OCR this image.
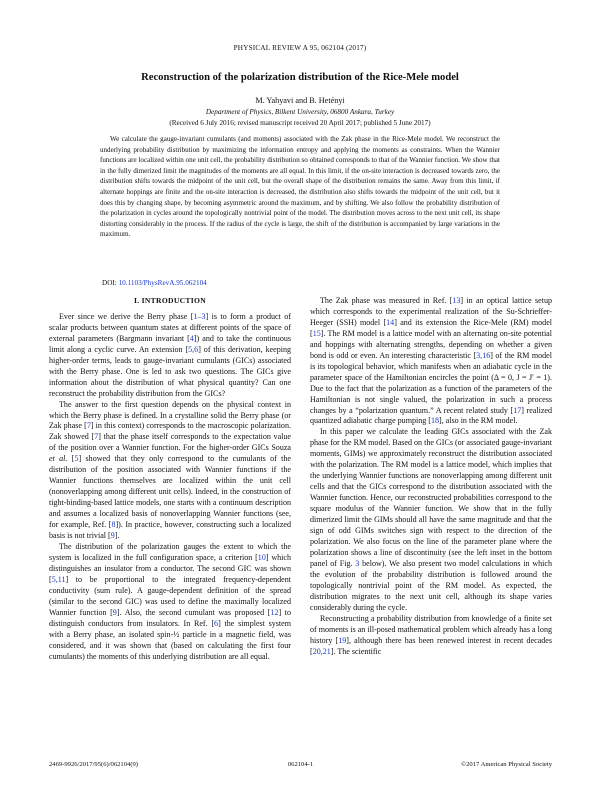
PHYSICAL REVIEW A 95, 062104 (2017)
Reconstruction of the polarization distribution of the Rice-Mele model
M. Yahyavi and B. Hetényi
Department of Physics, Bilkent University, 06800 Ankara, Turkey
(Received 6 July 2016; revised manuscript received 20 April 2017; published 5 June 2017)
We calculate the gauge-invariant cumulants (and moments) associated with the Zak phase in the Rice-Mele model. We reconstruct the underlying probability distribution by maximizing the information entropy and applying the moments as constraints. When the Wannier functions are localized within one unit cell, the probability distribution so obtained corresponds to that of the Wannier function. We show that in the fully dimerized limit the magnitudes of the moments are all equal. In this limit, if the on-site interaction is decreased towards zero, the distribution shifts towards the midpoint of the unit cell, but the overall shape of the distribution remains the same. Away from this limit, if alternate hoppings are finite and the on-site interaction is decreased, the distribution also shifts towards the midpoint of the unit cell, but it does this by changing shape, by becoming asymmetric around the maximum, and by shifting. We also follow the probability distribution of the polarization in cycles around the topologically nontrivial point of the model. The distribution moves across to the next unit cell, its shape distorting considerably in the process. If the radius of the cycle is large, the shift of the distribution is accompanied by large variations in the maximum.
DOI: 10.1103/PhysRevA.95.062104
I. INTRODUCTION

Ever since we derive the Berry phase [1–3] is to form a product of scalar products between quantum states at different points of the space of external parameters (Bargmann invariant [4]) and to take the continuous limit along a cyclic curve. An extension [5,6] of this derivation, keeping higher-order terms, leads to gauge-invariant cumulants (GICs) associated with the Berry phase. One is led to ask two questions. The GICs give information about the distribution of what physical quantity? Can one reconstruct the probability distribution from the GICs?

The answer to the first question depends on the physical context in which the Berry phase is defined. In a crystalline solid the Berry phase (or Zak phase [7] in this context) corresponds to the macroscopic polarization. Zak showed [7] that the phase itself corresponds to the expectation value of the position over a Wannier function. For the higher-order GICs Souza et al. [5] showed that they only correspond to the cumulants of the distribution of the position associated with Wannier functions if the Wannier functions themselves are localized within the unit cell (nonoverlapping among different unit cells). Indeed, in the construction of tight-binding-based lattice models, one starts with a continuum description and assumes a localized basis of nonoverlapping Wannier functions (see, for example, Ref. [8]). In practice, however, constructing such a localized basis is not trivial [9].

The distribution of the polarization gauges the extent to which the system is localized in the full configuration space, a criterion [10] which distinguishes an insulator from a conductor. The second GIC was shown [5,11] to be proportional to the integrated frequency-dependent conductivity (sum rule). A gauge-dependent definition of the spread (similar to the second GIC) was used to define the maximally localized Wannier function [9]. Also, the second cumulant was proposed [12] to distinguish conductors from insulators. In Ref. [6] the simplest system with a Berry phase, an isolated spin-½ particle in a magnetic field, was considered, and it was shown that (based on calculating the first four cumulants) the moments of this underlying distribution are all equal.

The Zak phase was measured in Ref. [13] in an optical lattice setup which corresponds to the experimental realization of the Su-Schrieffer-Heeger (SSH) model [14] and its extension the Rice-Mele (RM) model [15]. The RM model is a lattice model with an alternating on-site potential and hoppings with alternating strengths, depending on whether a given bond is odd or even. An interesting characteristic [3,16] of the RM model is its topological behavior, which manifests when an adiabatic cycle in the parameter space of the Hamiltonian encircles the point (Δ = 0, J = J′ = 1). Due to the fact that the polarization as a function of the parameters of the Hamiltonian is not single valued, the polarization in such a process changes by a “polarization quantum.” A recent related study [17] realized quantized adiabatic charge pumping [18], also in the RM model.

In this paper we calculate the leading GICs associated with the Zak phase for the RM model. Based on the GICs (or associated gauge-invariant moments, GIMs) we approximately reconstruct the distribution associated with the polarization. The RM model is a lattice model, which implies that the underlying Wannier functions are nonoverlapping among different unit cells and that the GICs correspond to the distribution associated with the Wannier function. Hence, our reconstructed probabilities correspond to the square modulus of the Wannier function. We show that in the fully dimerized limit the GIMs should all have the same magnitude and that the sign of odd GIMs switches sign with respect to the direction of the polarization. We also focus on the line of the parameter plane where the polarization shows a line of discontinuity (see the left inset in the bottom panel of Fig. 3 below). We also present two model calculations in which the evolution of the probability distribution is followed around the topologically nontrivial point of the RM model. As expected, the distribution migrates to the next unit cell, although its shape varies considerably during the cycle.

Reconstructing a probability distribution from knowledge of a finite set of moments is an ill-posed mathematical problem which already has a long history [19], although there has been renewed interest in recent decades [20,21]. The scientific

2469-9926/2017/95(6)/062104(9)	062104-1	©2017 American Physical Society
